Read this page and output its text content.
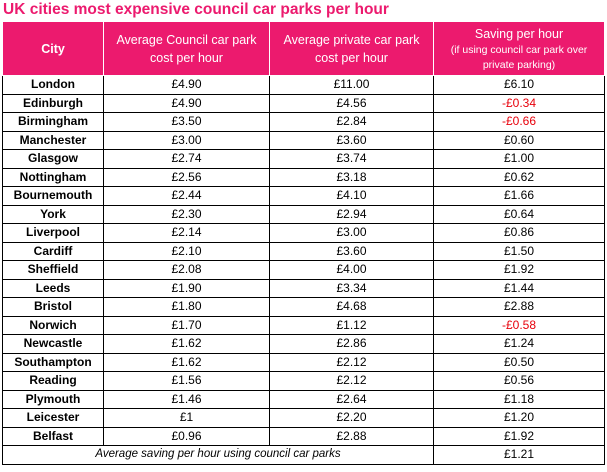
UK cities most expensive council car parks per hour
City	Average Council car park cost per hour	Average private car park cost per hour	Saving per hour
(if using council car park over private parking)

London	£4.90	£11.00	£6.10
Edinburgh	£4.90	£4.56	-£0.34
Birmingham	£3.50	£2.84	-£0.66
Manchester	£3.00	£3.60	£0.60
Glasgow	£2.74	£3.74	£1.00
Nottingham	£2.56	£3.18	£0.62
Bournemouth	£2.44	£4.10	£1.66
York	£2.30	£2.94	£0.64
Liverpool	£2.14	£3.00	£0.86
Cardiff	£2.10	£3.60	£1.50
Sheffield	£2.08	£4.00	£1.92
Leeds	£1.90	£3.34	£1.44
Bristol	£1.80	£4.68	£2.88
Norwich	£1.70	£1.12	-£0.58
Newcastle	£1.62	£2.86	£1.24
Southampton	£1.62	£2.12	£0.50
Reading	£1.56	£2.12	£0.56
Plymouth	£1.46	£2.64	£1.18
Leicester	£1	£2.20	£1.20
Belfast	£0.96	£2.88	£1.92
Average saving per hour using council car parks			£1.21
